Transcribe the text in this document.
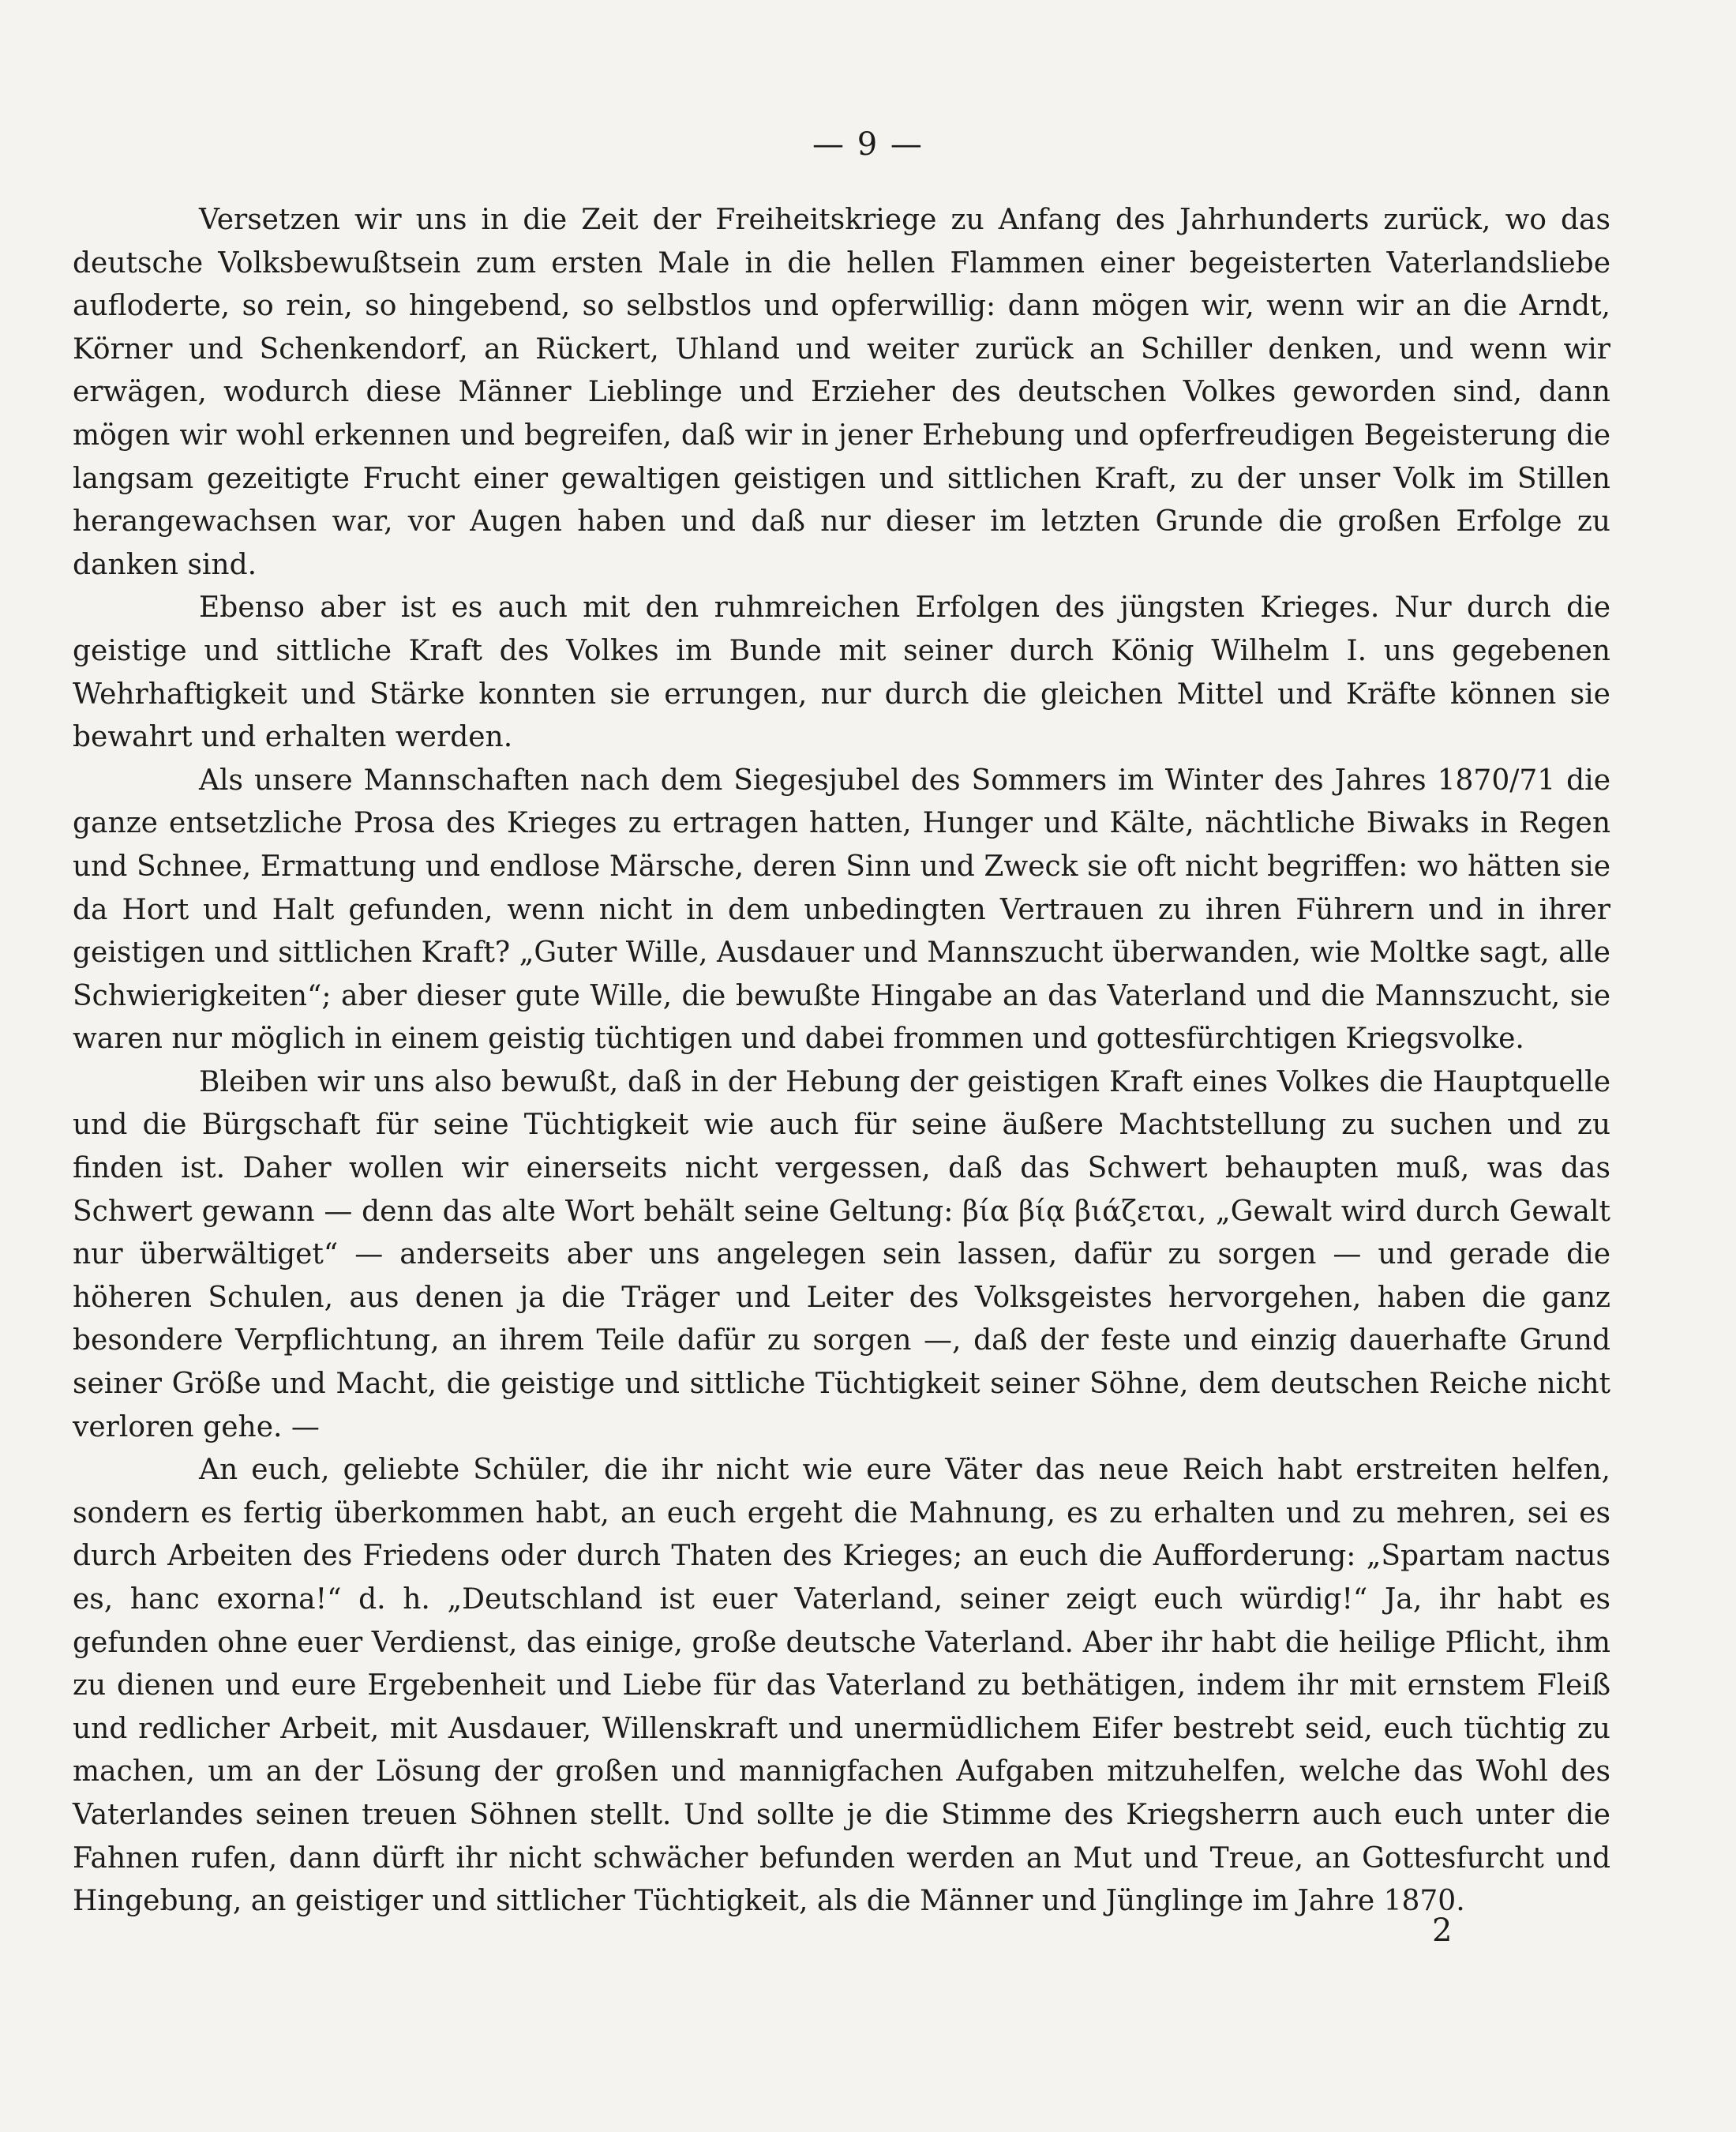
— 9 —

Versetzen wir uns in die Zeit der Freiheitskriege zu Anfang des Jahrhunderts zurück, wo das deutsche Volksbewußtsein zum ersten Male in die hellen Flammen einer begeisterten Vaterlandsliebe aufloderte, so rein, so hingebend, so selbstlos und opferwillig: dann mögen wir, wenn wir an die Arndt, Körner und Schenkendorf, an Rückert, Uhland und weiter zurück an Schiller denken, und wenn wir erwägen, wodurch diese Männer Lieblinge und Erzieher des deutschen Volkes geworden sind, dann mögen wir wohl erkennen und begreifen, daß wir in jener Erhebung und opferfreudigen Begeisterung die langsam gezeitigte Frucht einer gewaltigen geistigen und sittlichen Kraft, zu der unser Volk im Stillen herangewachsen war, vor Augen haben und daß nur dieser im letzten Grunde die großen Erfolge zu danken sind.

Ebenso aber ist es auch mit den ruhmreichen Erfolgen des jüngsten Krieges. Nur durch die geistige und sittliche Kraft des Volkes im Bunde mit seiner durch König Wilhelm I. uns gegebenen Wehrhaftigkeit und Stärke konnten sie errungen, nur durch die gleichen Mittel und Kräfte können sie bewahrt und erhalten werden.

Als unsere Mannschaften nach dem Siegesjubel des Sommers im Winter des Jahres 1870/71 die ganze entsetzliche Prosa des Krieges zu ertragen hatten, Hunger und Kälte, nächtliche Biwaks in Regen und Schnee, Ermattung und endlose Märsche, deren Sinn und Zweck sie oft nicht begriffen: wo hätten sie da Hort und Halt gefunden, wenn nicht in dem unbedingten Vertrauen zu ihren Führern und in ihrer geistigen und sittlichen Kraft? „Guter Wille, Ausdauer und Mannszucht überwanden, wie Moltke sagt, alle Schwierigkeiten“; aber dieser gute Wille, die bewußte Hingabe an das Vaterland und die Mannszucht, sie waren nur möglich in einem geistig tüchtigen und dabei frommen und gottesfürchtigen Kriegsvolke.

Bleiben wir uns also bewußt, daß in der Hebung der geistigen Kraft eines Volkes die Hauptquelle und die Bürgschaft für seine Tüchtigkeit wie auch für seine äußere Machtstellung zu suchen und zu finden ist. Daher wollen wir einerseits nicht vergessen, daß das Schwert behaupten muß, was das Schwert gewann — denn das alte Wort behält seine Geltung: βία βίᾳ βιάζεται, „Gewalt wird durch Gewalt nur überwältiget“ — anderseits aber uns angelegen sein lassen, dafür zu sorgen — und gerade die höheren Schulen, aus denen ja die Träger und Leiter des Volksgeistes hervorgehen, haben die ganz besondere Verpflichtung, an ihrem Teile dafür zu sorgen —, daß der feste und einzig dauerhafte Grund seiner Größe und Macht, die geistige und sittliche Tüchtigkeit seiner Söhne, dem deutschen Reiche nicht verloren gehe. —

An euch, geliebte Schüler, die ihr nicht wie eure Väter das neue Reich habt erstreiten helfen, sondern es fertig überkommen habt, an euch ergeht die Mahnung, es zu erhalten und zu mehren, sei es durch Arbeiten des Friedens oder durch Thaten des Krieges; an euch die Aufforderung: „Spartam nactus es, hanc exorna!“ d. h. „Deutschland ist euer Vaterland, seiner zeigt euch würdig!“ Ja, ihr habt es gefunden ohne euer Verdienst, das einige, große deutsche Vaterland. Aber ihr habt die heilige Pflicht, ihm zu dienen und eure Ergebenheit und Liebe für das Vaterland zu bethätigen, indem ihr mit ernstem Fleiß und redlicher Arbeit, mit Ausdauer, Willenskraft und unermüdlichem Eifer bestrebt seid, euch tüchtig zu machen, um an der Lösung der großen und mannigfachen Aufgaben mitzuhelfen, welche das Wohl des Vaterlandes seinen treuen Söhnen stellt. Und sollte je die Stimme des Kriegsherrn auch euch unter die Fahnen rufen, dann dürft ihr nicht schwächer befunden werden an Mut und Treue, an Gottesfurcht und Hingebung, an geistiger und sittlicher Tüchtigkeit, als die Männer und Jünglinge im Jahre 1870.

2
